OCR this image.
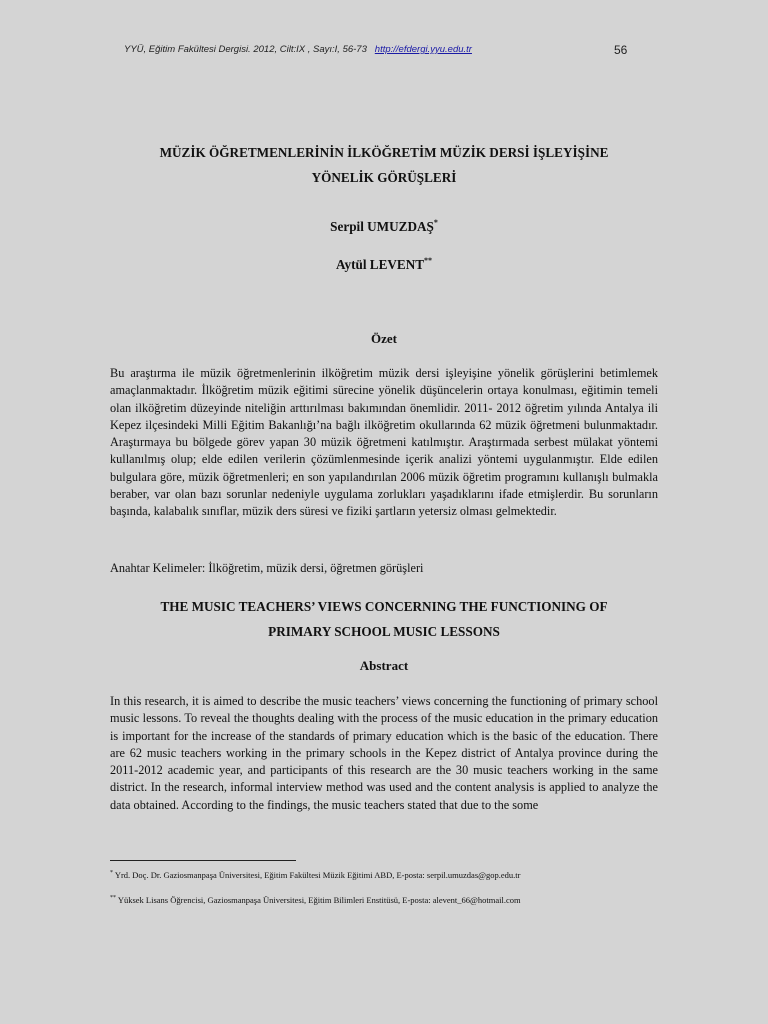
YYÜ, Eğitim Fakültesi Dergisi. 2012, Cilt:IX , Sayı:I, 56-73 http://efdergi.yyu.edu.tr	56
MÜZİK ÖĞRETMENLERİNİN İLKÖĞRETİM MÜZİK DERSİ İŞLEYİŞİNE
YÖNELİK GÖRÜŞLERİ
Serpil UMUZDAŞ*
Aytül LEVENT**
Özet
Bu araştırma ile müzik öğretmenlerinin ilköğretim müzik dersi işleyişine yönelik görüşlerini betimlemek amaçlanmaktadır. İlköğretim müzik eğitimi sürecine yönelik düşüncelerin ortaya konulması, eğitimin temeli olan ilköğretim düzeyinde niteliğin arttırılması bakımından önemlidir. 2011- 2012 öğretim yılında Antalya ili Kepez ilçesindeki Milli Eğitim Bakanlığı’na bağlı ilköğretim okullarında 62 müzik öğretmeni bulunmaktadır. Araştırmaya bu bölgede görev yapan 30 müzik öğretmeni katılmıştır. Araştırmada serbest mülakat yöntemi kullanılmış olup; elde edilen verilerin çözümlenmesinde içerik analizi yöntemi uygulanmıştır. Elde edilen bulgulara göre, müzik öğretmenleri; en son yapılandırılan 2006 müzik öğretim programını kullanışlı bulmakla beraber, var olan bazı sorunlar nedeniyle uygulama zorlukları yaşadıklarını ifade etmişlerdir. Bu sorunların başında, kalabalık sınıflar, müzik ders süresi ve fiziki şartların yetersiz olması gelmektedir.
Anahtar Kelimeler: İlköğretim, müzik dersi, öğretmen görüşleri
THE MUSIC TEACHERS’ VIEWS CONCERNING THE FUNCTIONING OF
PRIMARY SCHOOL MUSIC LESSONS
Abstract
In this research, it is aimed to describe the music teachers’ views concerning the functioning of primary school music lessons. To reveal the thoughts dealing with the process of the music education in the primary education is important for the increase of the standards of primary education which is the basic of the education. There are 62 music teachers working in the primary schools in the Kepez district of Antalya province during the 2011-2012 academic year, and participants of this research are the 30 music teachers working in the same district. In the research, informal interview method was used and the content analysis is applied to analyze the data obtained. According to the findings, the music teachers stated that due to the some
* Yrd. Doç. Dr. Gaziosmanpaşa Üniversitesi, Eğitim Fakültesi Müzik Eğitimi ABD, E-posta: serpil.umuzdas@gop.edu.tr
** Yüksek Lisans Öğrencisi, Gaziosmanpaşa Üniversitesi, Eğitim Bilimleri Enstitüsü, E-posta: alevent_66@hotmail.com
